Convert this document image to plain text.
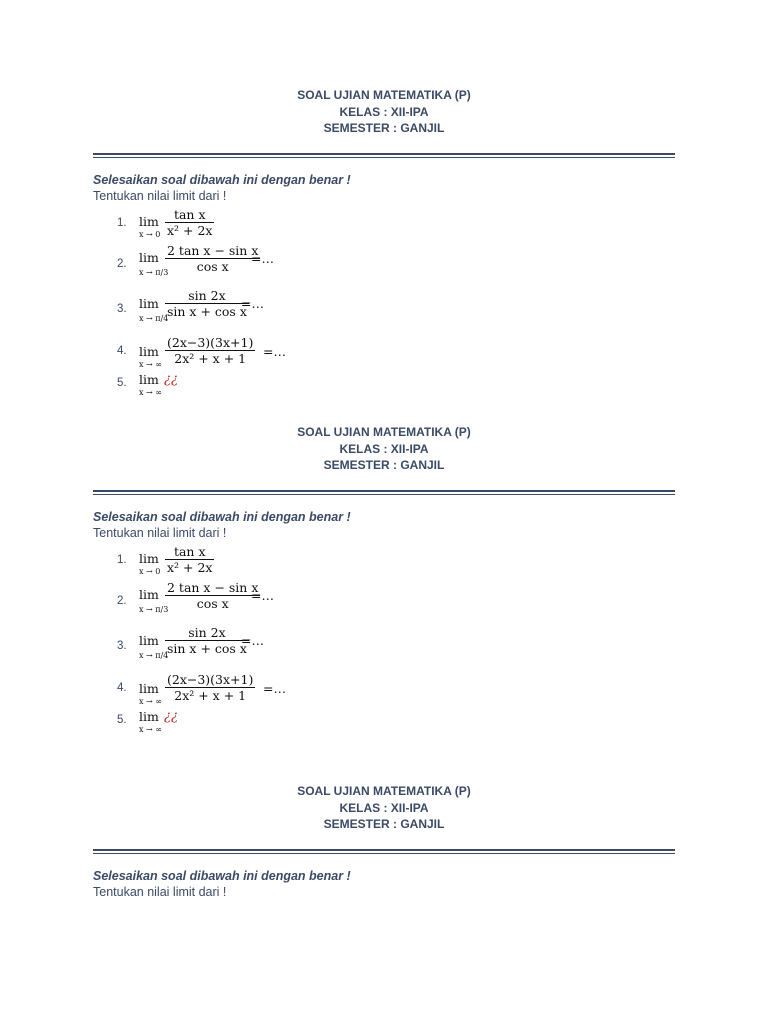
SOAL UJIAN MATEMATIKA (P)
KELAS : XII-IPA
SEMESTER : GANJIL
Selesaikan soal dibawah ini dengan benar !
Tentukan nilai limit dari !
1. lim
$x \to 0 \frac{\text{tan x}}{\text{x² + 2x}}$
2. lim
x → π/3
$\frac{\text{2 tan x − sin x}}{\text{cos x}}$
=…
3. lim
x → π/4
$\frac{\sin 2x}{\text{sin x + cos x}}$
=…
4. lim
x → ∞ $\frac{(2x-3)(3x+1)}{\text{2x² + x + 1}}$ =…
5. lim
x → ∞
¿¿
SOAL UJIAN MATEMATIKA (P)
KELAS : XII-IPA
SEMESTER : GANJIL
Selesaikan soal dibawah ini dengan benar !
Tentukan nilai limit dari !
1. lim
$x \to 0 \frac{\text{tan x}}{\text{x² + 2x}}$
2. lim
x → π/3
$\frac{\text{2 tan x − sin x}}{\text{cos x}}$
=…
3. lim
x → π/4
$\frac{\sin 2x}{\text{sin x + cos x}}$
=…
4. lim
x → ∞ $\frac{(2x-3)(3x+1)}{\text{2x² + x + 1}}$ =…
5. lim
x → ∞
¿¿
SOAL UJIAN MATEMATIKA (P)
KELAS : XII-IPA
SEMESTER : GANJIL
Selesaikan soal dibawah ini dengan benar !
Tentukan nilai limit dari !
